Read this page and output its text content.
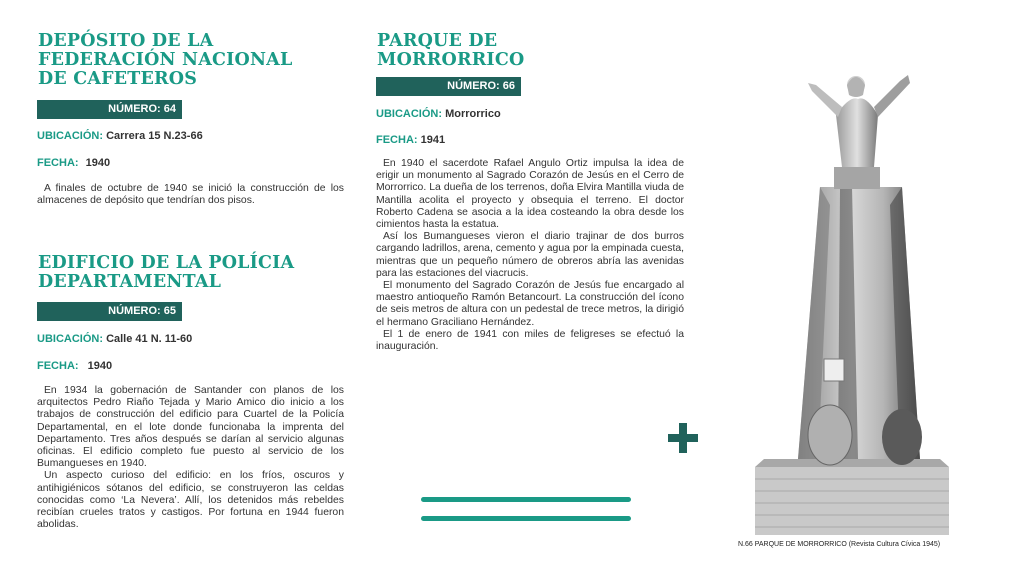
DEPÓSITO DE LA
FEDERACIÓN NACIONAL
DE CAFETEROS
NÚMERO: 64
UBICACIÓN: Carrera 15 N.23-66
FECHA: 1940

A finales de octubre de 1940 se inició la construcción de los almacenes de depósito que tendrían dos pisos.

EDIFICIO DE LA POLÍCIA
DEPARTAMENTAL
NÚMERO: 65
UBICACIÓN: Calle 41 N. 11-60
FECHA: 1940

En 1934 la gobernación de Santander con planos de los arquitectos Pedro Riaño Tejada y Mario Amico dio inicio a los trabajos de construcción del edificio para Cuartel de la Policía Departamental, en el lote donde funcionaba la imprenta del Departamento. Tres años después se darían al servicio algunas oficinas. El edificio completo fue puesto al servicio de los Bumangueses en 1940.

Un aspecto curioso del edificio: en los fríos, oscuros y antihigiénicos sótanos del edificio, se construyeron las celdas conocidas como ‘La Nevera’. Allí, los detenidos más rebeldes recibían crueles tratos y castigos. Por fortuna en 1944 fueron abolidas.

PARQUE DE
MORRORRICO
NÚMERO: 66
UBICACIÓN: Morrorrico
FECHA: 1941

En 1940 el sacerdote Rafael Angulo Ortiz impulsa la idea de erigir un monumento al Sagrado Corazón de Jesús en el Cerro de Morrorrico. La dueña de los terrenos, doña Elvira Mantilla viuda de Mantilla acolita el proyecto y obsequia el terreno. El doctor Roberto Cadena se asocia a la idea costeando la obra desde los cimientos hasta la estatua.

Así los Bumangueses vieron el diario trajinar de dos burros cargando ladrillos, arena, cemento y agua por la empinada cuesta, mientras que un pequeño número de obreros abría las avenidas para las estaciones del viacrucis.

El monumento del Sagrado Corazón de Jesús fue encargado al maestro antioqueño Ramón Betancourt. La construcción del ícono de seis metros de altura con un pedestal de trece metros, la dirigió el hermano Graciliano Hernández.

El 1 de enero de 1941 con miles de feligreses se efectuó la inauguración.

N.66 PARQUE DE MORRORRICO (Revista Cultura Cívica 1945)
